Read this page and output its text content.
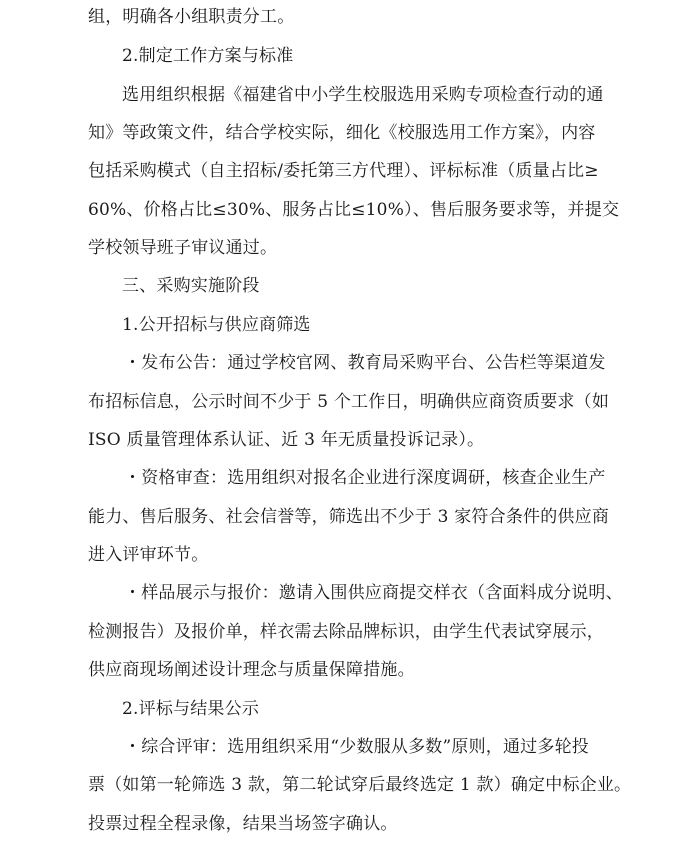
组，明确各小组职责分工。
2.制定工作方案与标准
选用组织根据《福建省中小学生校服选用采购专项检查行动的通
知》等政策文件，结合学校实际，细化《校服选用工作方案》，内容
包括采购模式（自主招标/委托第三方代理）、评标标准（质量占比≥
60%、价格占比≤30%、服务占比≤10%）、售后服务要求等，并提交
学校领导班子审议通过。
三、采购实施阶段
1.公开招标与供应商筛选
・发布公告：通过学校官网、教育局采购平台、公告栏等渠道发
布招标信息，公示时间不少于 5 个工作日，明确供应商资质要求（如
ISO 质量管理体系认证、近 3 年无质量投诉记录）。
・资格审查：选用组织对报名企业进行深度调研，核查企业生产
能力、售后服务、社会信誉等，筛选出不少于 3 家符合条件的供应商
进入评审环节。
・样品展示与报价：邀请入围供应商提交样衣（含面料成分说明、
检测报告）及报价单，样衣需去除品牌标识，由学生代表试穿展示，
供应商现场阐述设计理念与质量保障措施。
2.评标与结果公示
・综合评审：选用组织采用“少数服从多数”原则，通过多轮投
票（如第一轮筛选 3 款，第二轮试穿后最终选定 1 款）确定中标企业。
投票过程全程录像，结果当场签字确认。
